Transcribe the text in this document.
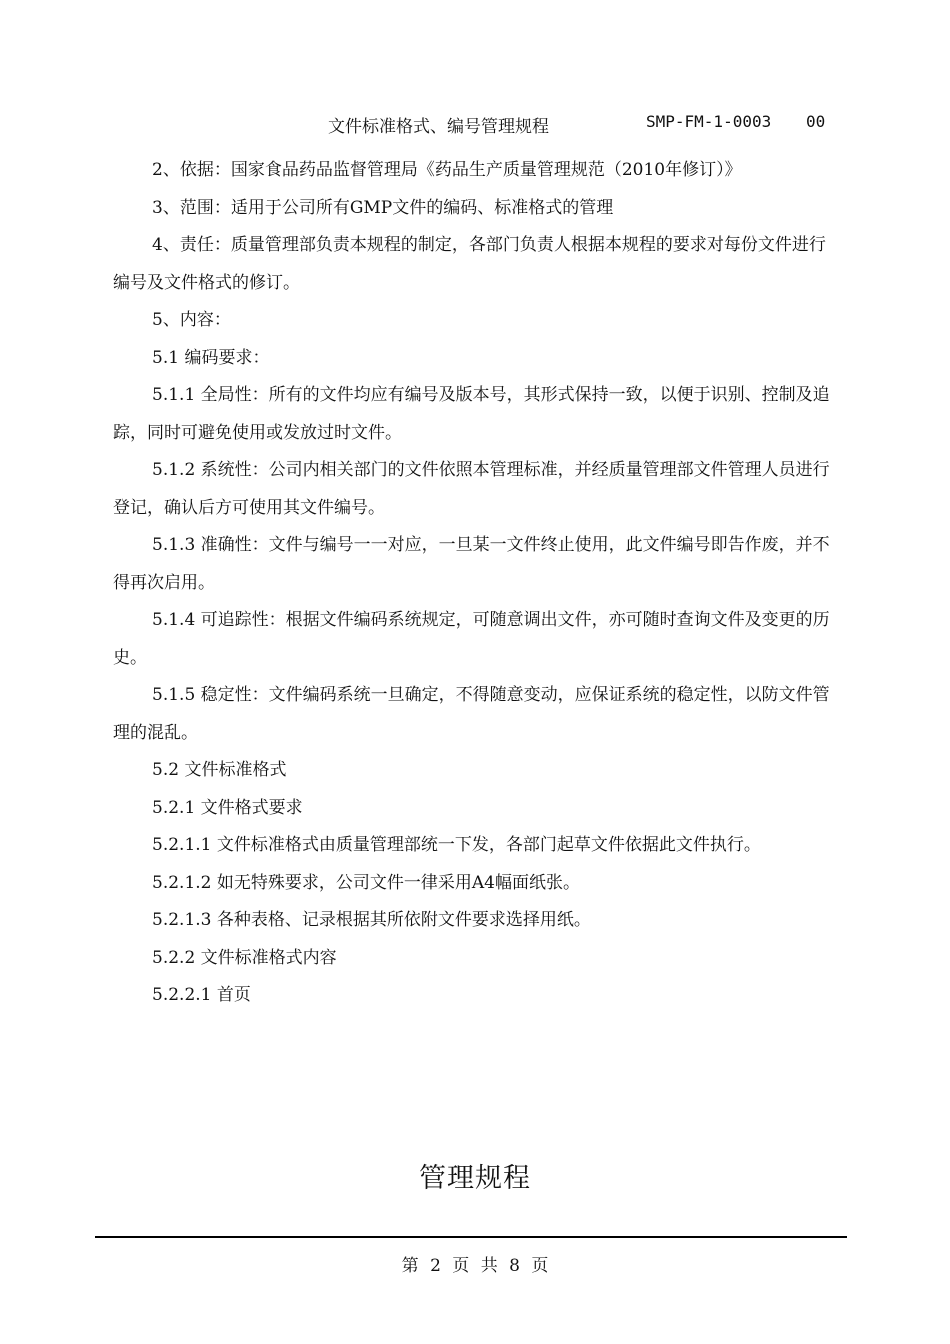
文件标准格式、编号管理规程	SMP-FM-1-0003 00

2、依据：国家食品药品监督管理局《药品生产质量管理规范（2010年修订）》

3、范围：适用于公司所有GMP文件的编码、标准格式的管理

4、责任：质量管理部负责本规程的制定，各部门负责人根据本规程的要求对每份文件进行编号及文件格式的修订。

5、内容：

5.1 编码要求：

5.1.1 全局性：所有的文件均应有编号及版本号，其形式保持一致，以便于识别、控制及追踪，同时可避免使用或发放过时文件。

5.1.2 系统性：公司内相关部门的文件依照本管理标准，并经质量管理部文件管理人员进行登记，确认后方可使用其文件编号。

5.1.3 准确性：文件与编号一一对应，一旦某一文件终止使用，此文件编号即告作废，并不得再次启用。

5.1.4 可追踪性：根据文件编码系统规定，可随意调出文件，亦可随时查询文件及变更的历史。

5.1.5 稳定性：文件编码系统一旦确定，不得随意变动，应保证系统的稳定性，以防文件管理的混乱。

5.2 文件标准格式

5.2.1 文件格式要求

5.2.1.1 文件标准格式由质量管理部统一下发，各部门起草文件依据此文件执行。

5.2.1.2 如无特殊要求，公司文件一律采用A4幅面纸张。

5.2.1.3 各种表格、记录根据其所依附文件要求选择用纸。

5.2.2 文件标准格式内容

5.2.2.1 首页

管理规程
第 2 页 共 8 页
